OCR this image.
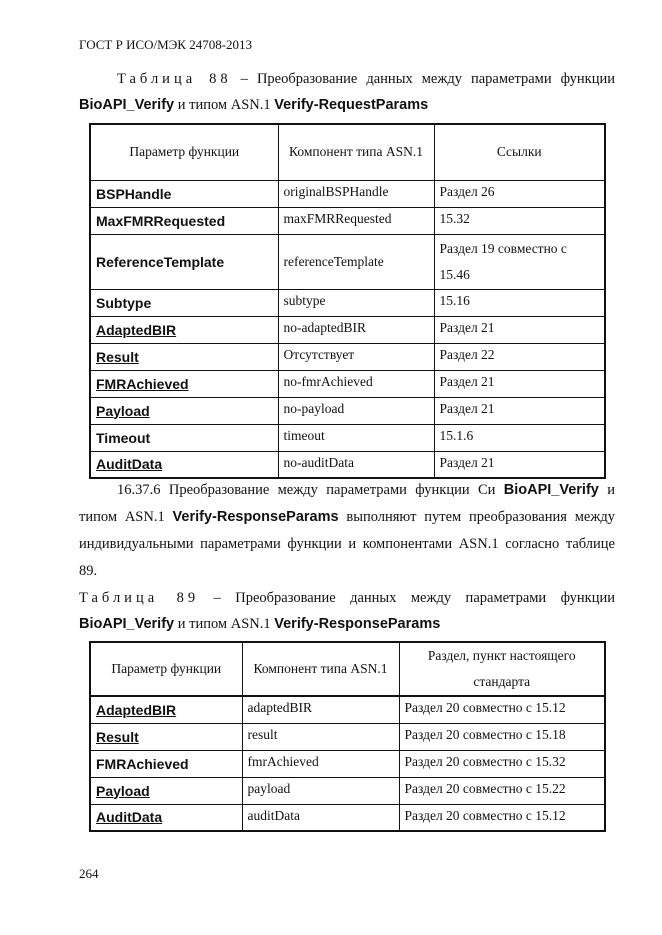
ГОСТ Р ИСО/МЭК 24708-2013
Таблица 88 – Преобразование данных между параметрами функции
BioAPI_Verify и типом ASN.1 Verify-RequestParams
Параметр функции	Компонент типа ASN.1	Ссылки
BSPHandle	originalBSPHandle	Раздел 26
MaxFMRRequested	maxFMRRequested	15.32
ReferenceTemplate	referenceTemplate	Раздел 19 совместно с 15.46
Subtype	subtype	15.16
AdaptedBIR	no-adaptedBIR	Раздел 21
Result	Отсутствует	Раздел 22
FMRAchieved	no-fmrAchieved	Раздел 21
Payload	no-payload	Раздел 21
Timeout	timeout	15.1.6
AuditData	no-auditData	Раздел 21
16.37.6 Преобразование между параметрами функции Си BioAPI_Verify и типом ASN.1 Verify-ResponseParams выполняют путем преобразования между индивидуальными параметрами функции и компонентами ASN.1 согласно таблице 89.
Таблица 89 – Преобразование данных между параметрами функции
BioAPI_Verify и типом ASN.1 Verify-ResponseParams
Параметр функции	Компонент типа ASN.1	Раздел, пункт настоящего стандарта
AdaptedBIR	adaptedBIR	Раздел 20 совместно с 15.12
Result	result	Раздел 20 совместно с 15.18
FMRAchieved	fmrAchieved	Раздел 20 совместно с 15.32
Payload	payload	Раздел 20 совместно с 15.22
AuditData	auditData	Раздел 20 совместно с 15.12
264
